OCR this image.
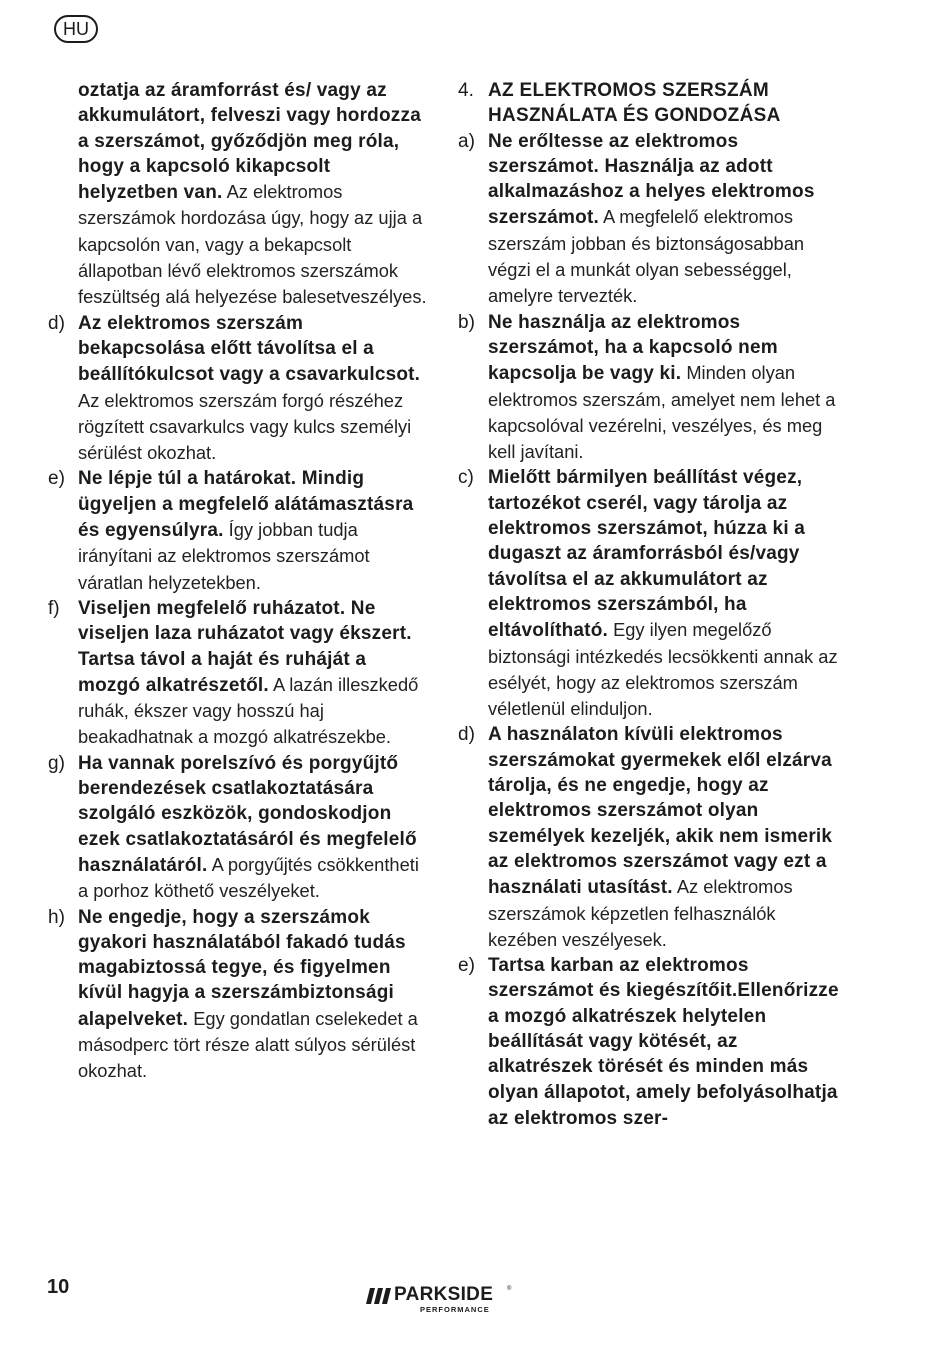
HU
oztatja az áramforrást és/ vagy az akkumulátort, felveszi vagy hordozza a szerszámot, győződjön meg róla, hogy a kapcsoló kikapcsolt helyzetben van. Az elektromos szerszámok hordozása úgy, hogy az ujja a kapcsolón van, vagy a bekapcsolt állapotban lévő elektromos szerszámok feszültség alá helyezése balesetveszélyes.
d) Az elektromos szerszám bekapcsolása előtt távolítsa el a beállítókulcsot vagy a csavarkulcsot. Az elektromos szerszám forgó részéhez rögzített csavarkulcs vagy kulcs személyi sérülést okozhat.
e) Ne lépje túl a határokat. Mindig ügyeljen a megfelelő alátámasztásra és egyensúlyra. Így jobban tudja irányítani az elektromos szerszámot váratlan helyzetekben.
f) Viseljen megfelelő ruházatot. Ne viseljen laza ruházatot vagy ékszert. Tartsa távol a haját és ruháját a mozgó alkatrészetől. A lazán illeszkedő ruhák, ékszer vagy hosszú haj beakadhatnak a mozgó alkatrészekbe.
g) Ha vannak porelszívó és porgyűjtő berendezések csatlakoztatására szolgáló eszközök, gondoskodjon ezek csatlakoztatásáról és megfelelő használatáról. A porgyűjtés csökkentheti a porhoz köthető veszélyeket.
h) Ne engedje, hogy a szerszámok gyakori használatából fakadó tudás magabiztossá tegye, és figyelmen kívül hagyja a szerszámbiztonsági alapelveket. Egy gondatlan cselekedet a másodperc tört része alatt súlyos sérülést okozhat.
4. AZ ELEKTROMOS SZERSZÁM HASZNÁLATA ÉS GONDOZÁSA
a) Ne erőltesse az elektromos szerszámot. Használja az adott alkalmazáshoz a helyes elektromos szerszámot. A megfelelő elektromos szerszám jobban és biztonságosabban végzi el a munkát olyan sebességgel, amelyre tervezték.
b) Ne használja az elektromos szerszámot, ha a kapcsoló nem kapcsolja be vagy ki. Minden olyan elektromos szerszám, amelyet nem lehet a kapcsolóval vezérelni, veszélyes, és meg kell javítani.
c) Mielőtt bármilyen beállítást végez, tartozékot cserél, vagy tárolja az elektromos szerszámot, húzza ki a dugaszt az áramforrásból és/vagy távolítsa el az akkumulátort az elektromos szerszámból, ha eltávolítható. Egy ilyen megelőző biztonsági intézkedés lecsökkenti annak az esélyét, hogy az elektromos szerszám véletlenül elinduljon.
d) A használaton kívüli elektromos szerszámokat gyermekek elől elzárva tárolja, és ne engedje, hogy az elektromos szerszámot olyan személyek kezeljék, akik nem ismerik az elektromos szerszámot vagy ezt a használati utasítást. Az elektromos szerszámok képzetlen felhasználók kezében veszélyesek.
e) Tartsa karban az elektromos szerszámot és kiegészítőit.Ellenőrizze a mozgó alkatrészek helytelen beállítását vagy kötését, az alkatrészek törését és minden más olyan állapotot, amely befolyásolhatja az elektromos szer-
10	PARKSIDE ®
PERFORMANCE
